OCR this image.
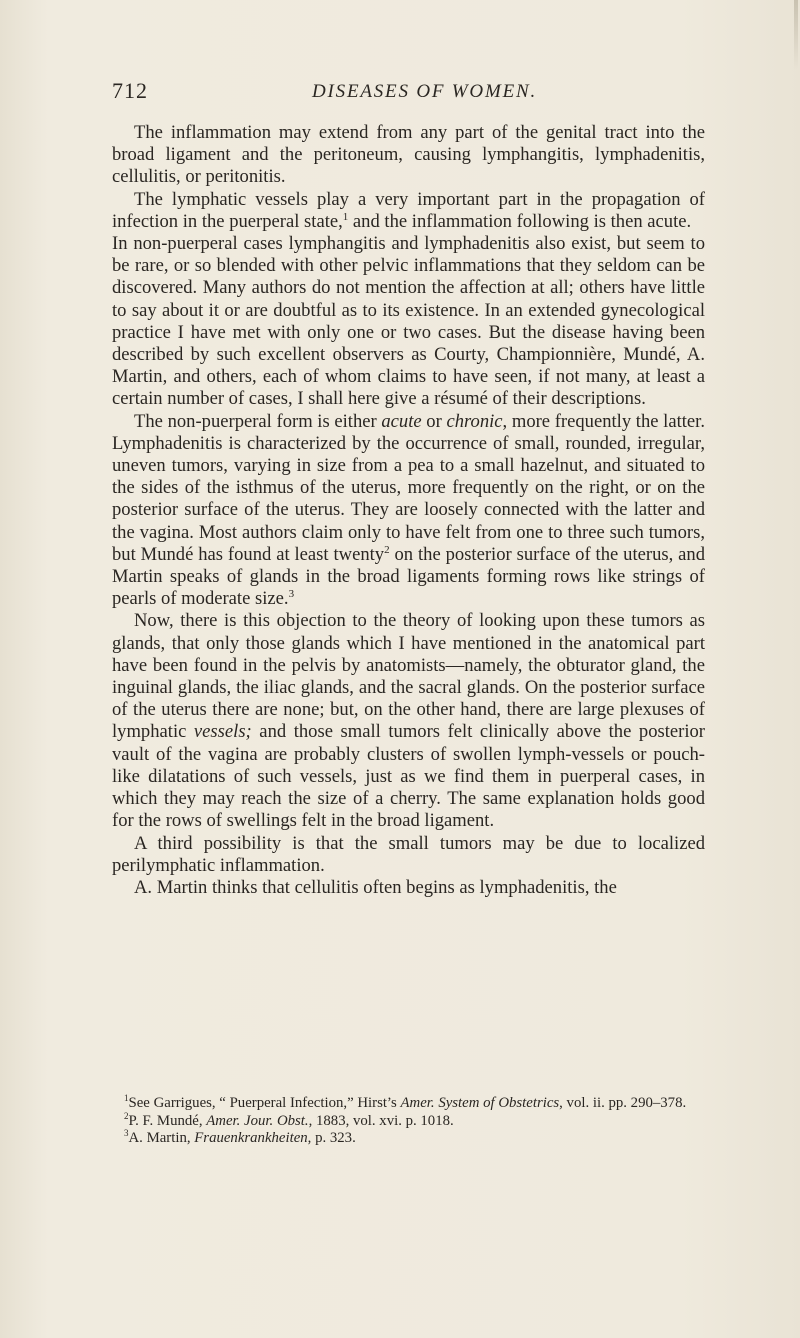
712	DISEASES OF WOMEN.

The inflammation may extend from any part of the genital tract into the broad ligament and the peritoneum, causing lymphangitis, lymphadenitis, cellulitis, or peritonitis.

The lymphatic vessels play a very important part in the propagation of infection in the puerperal state,$^1$ and the inflammation following is then acute.

In non-puerperal cases lymphangitis and lymphadenitis also exist, but seem to be rare, or so blended with other pelvic inflammations that they seldom can be discovered. Many authors do not mention the affection at all; others have little to say about it or are doubtful as to its existence. In an extended gynecological practice I have met with only one or two cases. But the disease having been described by such excellent observers as Courty, Championnière, Mundé, A. Martin, and others, each of whom claims to have seen, if not many, at least a certain number of cases, I shall here give a résumé of their descriptions.

The non-puerperal form is either acute or chronic, more frequently the latter. Lymphadenitis is characterized by the occurrence of small, rounded, irregular, uneven tumors, varying in size from a pea to a small hazelnut, and situated to the sides of the isthmus of the uterus, more frequently on the right, or on the posterior surface of the uterus. They are loosely connected with the latter and the vagina. Most authors claim only to have felt from one to three such tumors, but Mundé has found at least twenty$^2$ on the posterior surface of the uterus, and Martin speaks of glands in the broad ligaments forming rows like strings of pearls of moderate size.$^3$

Now, there is this objection to the theory of looking upon these tumors as glands, that only those glands which I have mentioned in the anatomical part have been found in the pelvis by anatomists—namely, the obturator gland, the inguinal glands, the iliac glands, and the sacral glands. On the posterior surface of the uterus there are none; but, on the other hand, there are large plexuses of lymphatic vessels; and those small tumors felt clinically above the posterior vault of the vagina are probably clusters of swollen lymph-vessels or pouch-like dilatations of such vessels, just as we find them in puerperal cases, in which they may reach the size of a cherry. The same explanation holds good for the rows of swellings felt in the broad ligament.

A third possibility is that the small tumors may be due to localized perilymphatic inflammation.

A. Martin thinks that cellulitis often begins as lymphadenitis, the

$^1$See Garrigues, “ Puerperal Infection,” Hirst’s Amer. System of Obstetrics, vol. ii. pp. 290–378.

$^2$P. F. Mundé, Amer. Jour. Obst., 1883, vol. xvi. p. 1018.

$^3$A. Martin, Frauenkrankheiten, p. 323.
